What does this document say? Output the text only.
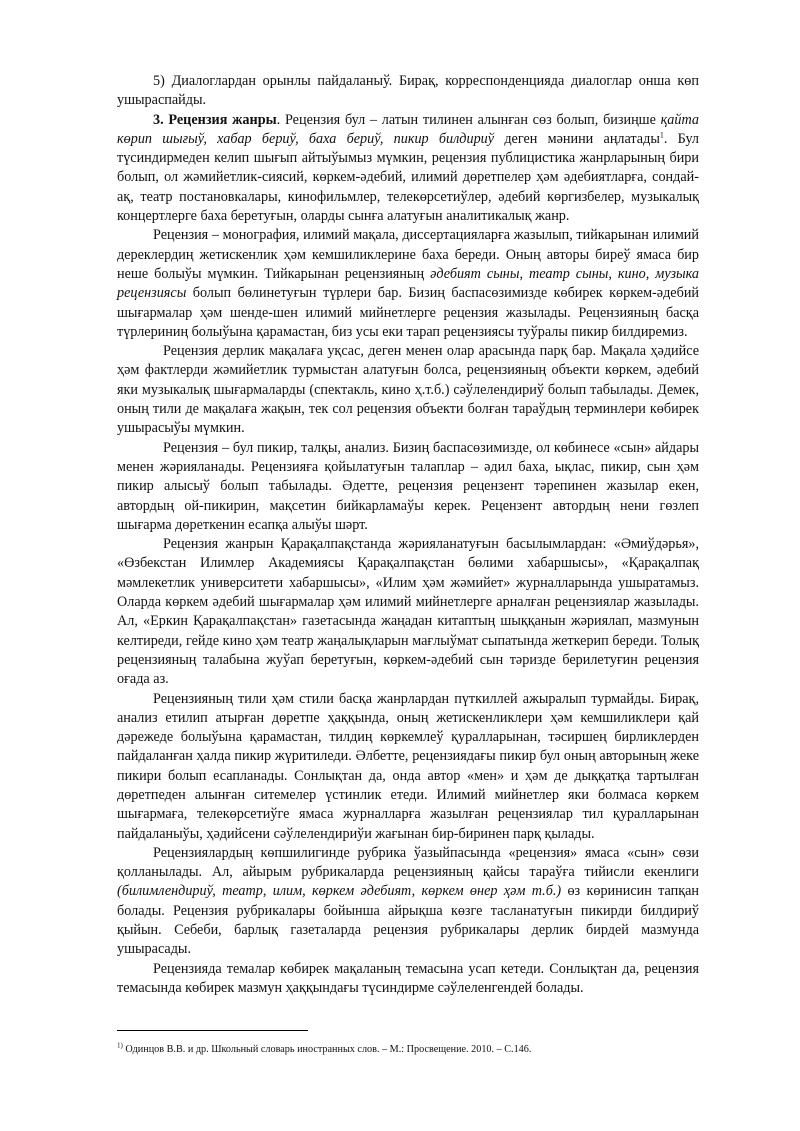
5) Диалоглардан орынлы пайдаланыў. Бирақ, корреспонденцияда диалоглар онша көп ушыраспайды.

3. Рецензия жанры. Рецензия бул – латын тилинен алынған сөз болып, бизиңше қайта көрип шығыў, хабар бериў, баха бериў, пикир билдириў деген мәнини аңлатады$^1$. Бул түсиндирмеден келип шығып айтыўымыз мүмкин, рецензия публицистика жанрларының бири болып, ол жәмийетлик-сиясий, көркем-әдебий, илимий дөретпелер ҳәм әдебиятларға, сондай-ақ, театр постановкалары, кинофильмлер, телекөрсетиўлер, әдебий көргизбелер, музыкалық концертлерге баха беретуғын, оларды сынға алатуғын аналитикалық жанр.

Рецензия – монография, илимий мақала, диссертацияларға жазылып, тийкарынан илимий дереклердиң жетискенлик ҳәм кемшиликлерине баха береди. Оның авторы биреў ямаса бир неше болыўы мүмкин. Тийкарынан рецензияның әдебият сыны, театр сыны, кино, музыка рецензиясы болып бөлинетуғын түрлери бар. Бизиң баспасөзимизде көбирек көркем-әдебий шығармалар ҳәм шенде-шен илимий мийнетлерге рецензия жазылады. Рецензияның басқа түрлериниң болыўына қарамастан, биз усы еки тарап рецензиясы туўралы пикир билдиремиз.

Рецензия дерлик мақалаға уқсас, деген менен олар арасында парқ бар. Мақала ҳәдийсе ҳәм фактлерди жәмийетлик турмыстан алатуғын болса, рецензияның объекти көркем, әдебий яки музыкалық шығармаларды (спектакль, кино ҳ.т.б.) сәўлелендириў болып табылады. Демек, оның тили де мақалаға жақын, тек сол рецензия объекти болған тараўдың терминлери көбирек ушырасыўы мүмкин.

Рецензия – бул пикир, талқы, анализ. Бизиң баспасөзимизде, ол көбинесе «сын» айдары менен жәрияланады. Рецензияға қойылатуғын талаплар – әдил баха, ықлас, пикир, сын ҳәм пикир алысыў болып табылады. Әдетте, рецензия рецензент тәрепинен жазылар екен, автордың ой-пикирин, мақсетин бийкарламаўы керек. Рецензент автордың нени гөзлеп шығарма дөреткенин есапқа алыўы шәрт.

Рецензия жанрын Қарақалпақстанда жәрияланатуғын басылымлардан: «Әмиўдәрья», «Өзбекстан Илимлер Академиясы Қарақалпақстан бөлими хабаршысы», «Қарақалпақ мәмлекетлик университети хабаршысы», «Илим ҳәм жәмийет» журналларында ушыратамыз. Оларда көркем әдебий шығармалар ҳәм илимий мийнетлерге арналған рецензиялар жазылады. Ал, «Еркин Қарақалпақстан» газетасында жаңадан китаптың шыққанын жәриялап, мазмунын келтиреди, гейде кино ҳәм театр жаңалықларын мағлыўмат сыпатында жеткерип береди. Толық рецензияның талабына жуўап беретуғын, көркем-әдебий сын тәризде берилетуғин рецензия оғада аз.

Рецензияның тили ҳәм стили басқа жанрлардан пүткиллей ажыралып турмайды. Бирақ, анализ етилип атырған дөретпе ҳаққында, оның жетискенликлери ҳәм кемшиликлери қай дәрежеде болыўына қарамастан, тилдиң көркемлеў қуралларынан, тәсиршең бирликлерден пайдаланған ҳалда пикир жүритиледи. Әлбетте, рецензиядағы пикир бул оның авторының жеке пикири болып есапланады. Сонлықтан да, онда автор «мен» и ҳәм де дыққатқа тартылған дөретпеден алынған ситемелер үстинлик етеди. Илимий мийнетлер яки болмаса көркем шығармаға, телекөрсетиўге ямаса журналларға жазылған рецензиялар тил қуралларынан пайдаланыўы, ҳәдийсени сәўлелендириўи жағынан бир-биринен парқ қылады.

Рецензиялардың көпшилигинде рубрика ўазыйпасында «рецензия» ямаса «сын» сөзи қолланылады. Ал, айырым рубрикаларда рецензияның қайсы тараўға тийисли екенлиги (билимлендириў, театр, илим, көркем әдебият, көркем өнер ҳәм т.б.) өз көринисин тапқан болады. Рецензия рубрикалары бойынша айрықша көзге тасланатуғын пикирди билдириў қыйын. Себеби, барлық газеталарда рецензия рубрикалары дерлик бирдей мазмунда ушырасады.

Рецензияда темалар көбирек мақаланың темасына усап кетеди. Сонлықтан да, рецензия темасында көбирек мазмун ҳаққындағы түсиндирме сәўлеленгендей болады.

$^{1)}$ Одинцов В.В. и др. Школьный словарь иностранных слов. – М.: Просвещение. 2010. – С.146.
